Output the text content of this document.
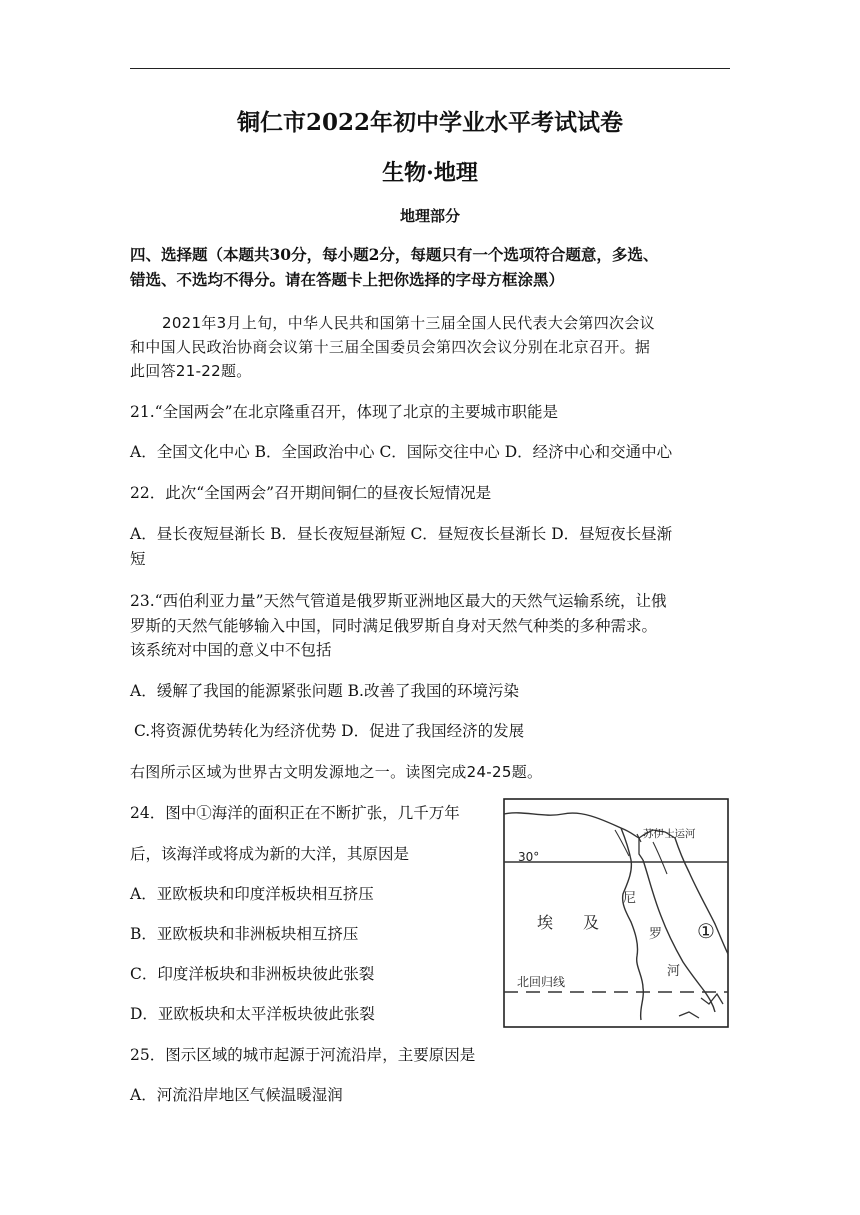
铜仁市2022年初中学业水平考试试卷
生物·地理
地理部分
四、选择题（本题共30分，每小题2分，每题只有一个选项符合题意，多选、
错选、不选均不得分。请在答题卡上把你选择的字母方框涂黑）
2021年3月上旬，中华人民共和国第十三届全国人民代表大会第四次会议
和中国人民政治协商会议第十三届全国委员会第四次会议分别在北京召开。据
此回答21-22题。
21.“全国两会”在北京隆重召开，体现了北京的主要城市职能是
A．全国文化中心 B．全国政治中心 C．国际交往中心 D．经济中心和交通中心
22．此次“全国两会”召开期间铜仁的昼夜长短情况是
A．昼长夜短昼渐长 B．昼长夜短昼渐短 C．昼短夜长昼渐长 D．昼短夜长昼渐
短
23.“西伯利亚力量”天然气管道是俄罗斯亚洲地区最大的天然气运输系统，让俄
罗斯的天然气能够输入中国，同时满足俄罗斯自身对天然气种类的多种需求。
该系统对中国的意义中不包括
A．缓解了我国的能源紧张问题 B.改善了我国的环境污染
C.将资源优势转化为经济优势 D．促进了我国经济的发展
右图所示区域为世界古文明发源地之一。读图完成24-25题。
24．图中①海洋的面积正在不断扩张，几千万年
后，该海洋或将成为新的大洋，其原因是
A．亚欧板块和印度洋板块相互挤压
B．亚欧板块和非洲板块相互挤压
C．印度洋板块和非洲板块彼此张裂
D．亚欧板块和太平洋板块彼此张裂
25．图示区域的城市起源于河流沿岸，主要原因是
A．河流沿岸地区气候温暖湿润
苏伊士运河
30°
埃 及
尼
罗
河
①
北回归线
